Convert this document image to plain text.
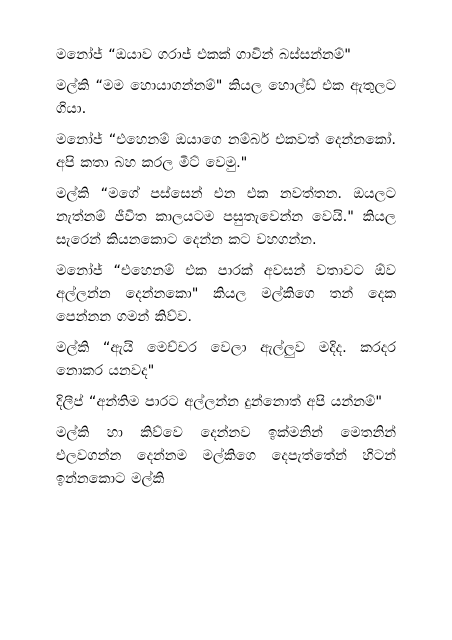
මනෝජ් “ඔයාව ගරාජ් එකක් ගාවින් බස්සන්නම්"

මල්කි “මම හොයාගන්නම්" කියල හොල්ඩ් එක ඇතුලට ගියා.

මනෝජ් “එහෙනම් ඔයාගෙ නම්බර් එකවත් දෙන්නකෝ. අපි කතා බහ කරල මීට් වෙමු."

මල්කි “මගේ පස්සෙන් එන එක නවත්තන. ඔයලට නැත්නම් ජීවිත කාලයටම පසුතැවෙන්න වෙයි." කියල සැරෙන් කියනකොට දෙන්න කට වහගන්න.

මනෝජ් “එහෙනම් එක පාරක් අවසන් වතාවට ඕව අල්ලන්න දෙන්නකො" කියල මල්කිගෙ තන් දෙක පෙන්නන ගමන් කිව්ව.

මල්කි “ඇයි මෙච්චර වෙලා ඇල්ලුව මදිද. කරදර නොකර යනවද"

දිලීප් “අන්තිම පාරට අල්ලන්න දුන්නොත් අපි යන්නම්"

මල්කි හා කිව්වෙ දෙන්නව ඉක්මනින් මෙතනින් එලවගන්න දෙන්නම මල්කිගෙ දෙපැත්තේන් හිටන් ඉන්නකොට මල්කි
